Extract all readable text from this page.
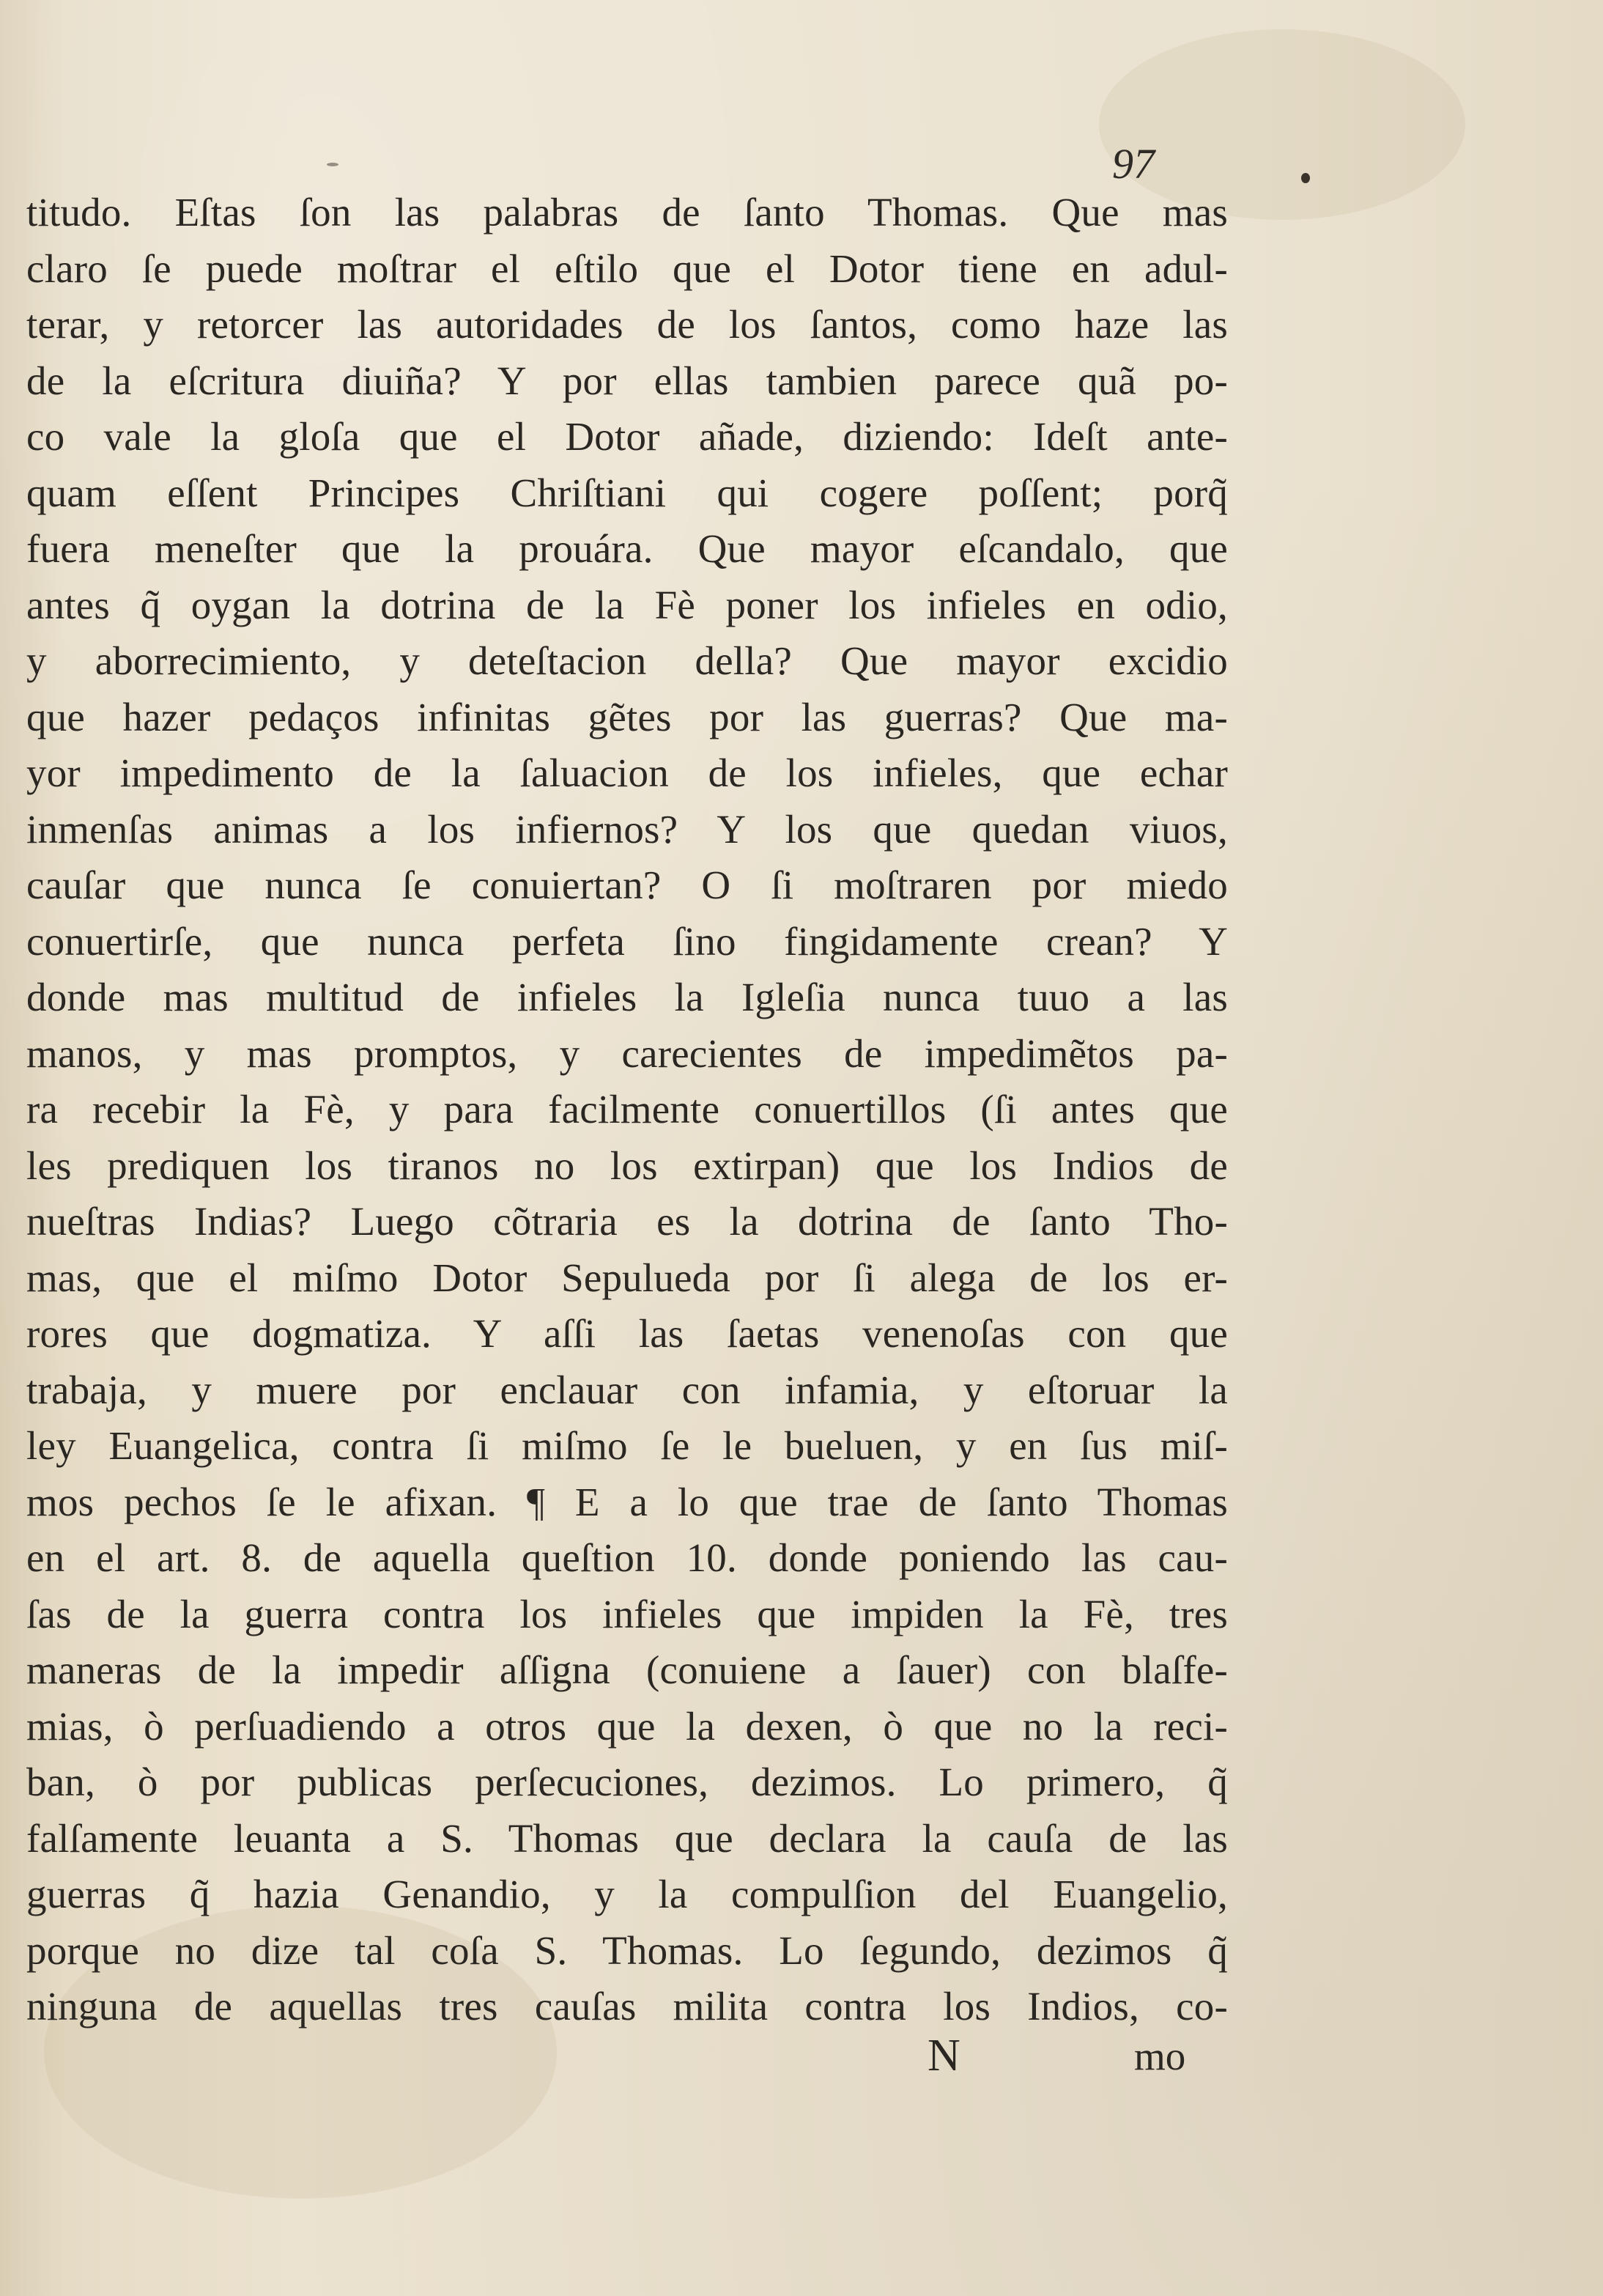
97
titudo. Eſtas ſon las palabras de ſanto Thomas. Que mas
claro ſe puede moſtrar el eſtilo que el Dotor tiene en adul-
terar, y retorcer las autoridades de los ſantos, como haze las
de la eſcritura diuiña? Y por ellas tambien parece quã po-
co vale la gloſa que el Dotor añade, diziendo: Ideſt ante-
quam eſſent Principes Chriſtiani qui cogere poſſent; porq̃
fuera meneſter que la prouára. Que mayor eſcandalo, que
antes q̃ oygan la dotrina de la Fè poner los infieles en odio,
y aborrecimiento, y deteſtacion della? Que mayor excidio
que hazer pedaços infinitas gẽtes por las guerras? Que ma-
yor impedimento de la ſaluacion de los infieles, que echar
inmenſas animas a los infiernos? Y los que quedan viuos,
cauſar que nunca ſe conuiertan? O ſi moſtraren por miedo
conuertirſe, que nunca perfeta ſino fingidamente crean? Y
donde mas multitud de infieles la Igleſia nunca tuuo a las
manos, y mas promptos, y carecientes de impedimẽtos pa-
ra recebir la Fè, y para facilmente conuertillos (ſi antes que
les prediquen los tiranos no los extirpan) que los Indios de
nueſtras Indias? Luego cõtraria es la dotrina de ſanto Tho-
mas, que el miſmo Dotor Sepulueda por ſi alega de los er-
rores que dogmatiza. Y aſſi las ſaetas venenoſas con que
trabaja, y muere por enclauar con infamia, y eſtoruar la
ley Euangelica, contra ſi miſmo ſe le bueluen, y en ſus miſ-
mos pechos ſe le afixan. ¶ E a lo que trae de ſanto Thomas
en el art. 8. de aquella queſtion 10. donde poniendo las cau-
ſas de la guerra contra los infieles que impiden la Fè, tres
maneras de la impedir aſſigna (conuiene a ſauer) con blaſfe-
mias, ò perſuadiendo a otros que la dexen, ò que no la reci-
ban, ò por publicas perſecuciones, dezimos. Lo primero, q̃
falſamente leuanta a S. Thomas que declara la cauſa de las
guerras q̃ hazia Genandio, y la compulſion del Euangelio,
porque no dize tal coſa S. Thomas. Lo ſegundo, dezimos q̃
ninguna de aquellas tres cauſas milita contra los Indios, co-
N	mo
